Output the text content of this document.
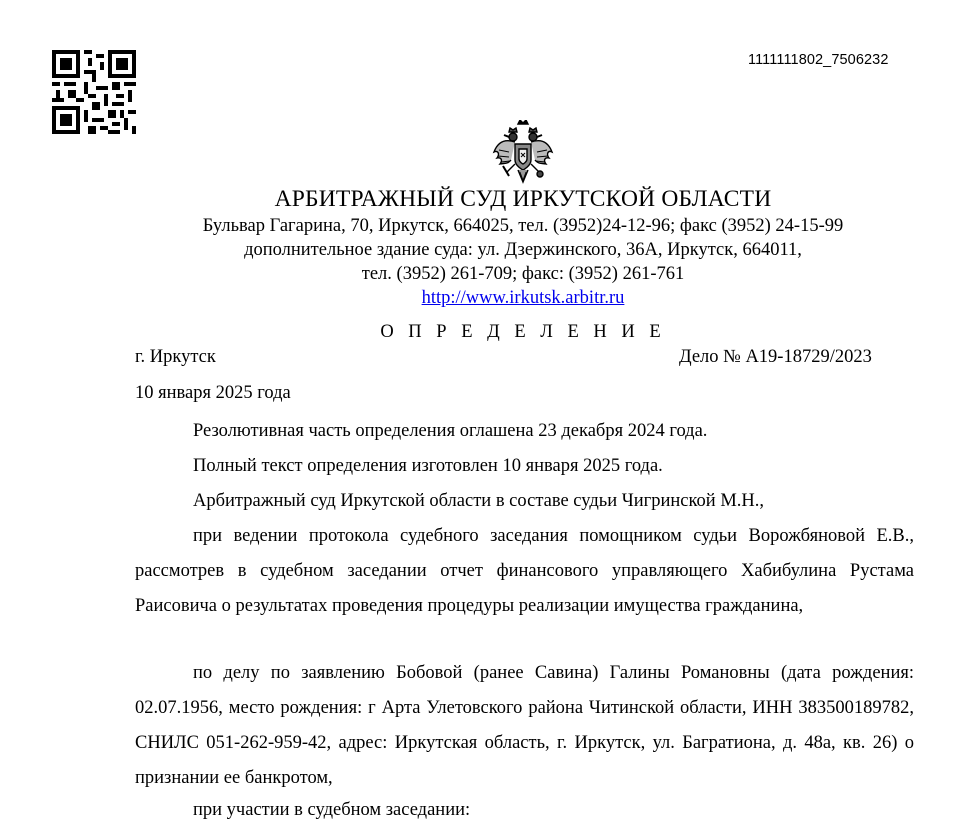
1111111802_7506232
АРБИТРАЖНЫЙ СУД ИРКУТСКОЙ ОБЛАСТИ
Бульвар Гагарина, 70, Иркутск, 664025, тел. (3952)24-12-96; факс (3952) 24-15-99
дополнительное здание суда: ул. Дзержинского, 36А, Иркутск, 664011,
тел. (3952) 261-709; факс: (3952) 261-761
http://www.irkutsk.arbitr.ru
О П Р Е Д Е Л Е Н И Е
г. Иркутск	Дело № А19-18729/2023
10 января 2025 года
Резолютивная часть определения оглашена 23 декабря 2024 года.
Полный текст определения изготовлен 10 января 2025 года.
Арбитражный суд Иркутской области в составе судьи Чигринской М.Н.,
при ведении протокола судебного заседания помощником судьи Ворожбяновой Е.В., рассмотрев в судебном заседании отчет финансового управляющего Хабибулина Рустама Раисовича о результатах проведения процедуры реализации имущества гражданина,
по делу по заявлению Бобовой (ранее Савина) Галины Романовны (дата рождения: 02.07.1956, место рождения: г Арта Улетовского района Читинской области, ИНН 383500189782, СНИЛС 051-262-959-42, адрес: Иркутская область, г. Иркутск, ул. Багратиона, д. 48а, кв. 26) о признании ее банкротом,
при участии в судебном заседании:
